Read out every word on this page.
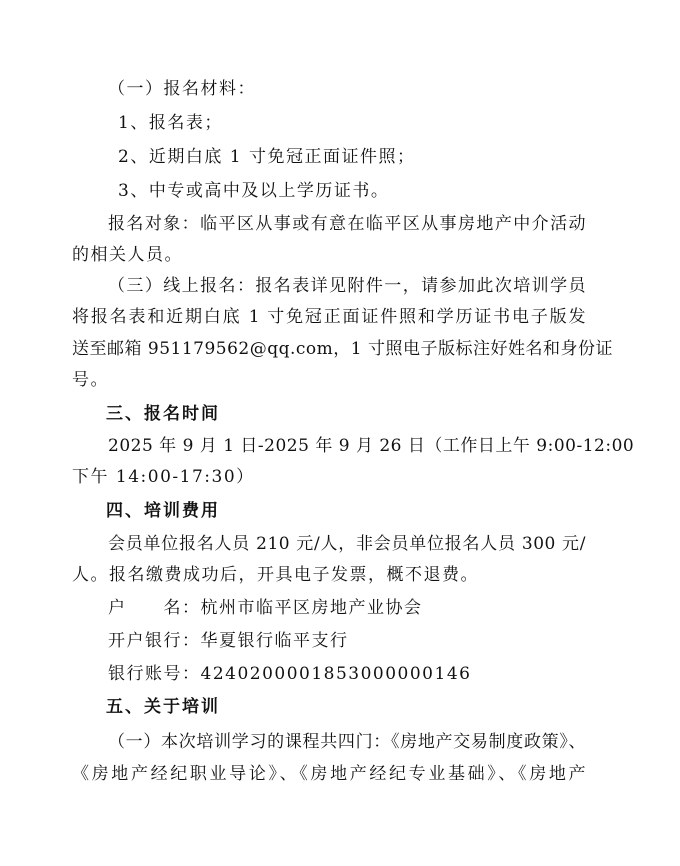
（一）报名材料：
1、报名表；
2、近期白底 1 寸免冠正面证件照；
3、中专或高中及以上学历证书。
报名对象：临平区从事或有意在临平区从事房地产中介活动
的相关人员。
（三）线上报名：报名表详见附件一，请参加此次培训学员
将报名表和近期白底 1 寸免冠正面证件照和学历证书电子版发
送至邮箱 951179562@qq.com，1 寸照电子版标注好姓名和身份证
号。
三、报名时间
2025 年 9 月 1 日-2025 年 9 月 26 日（工作日上午 9:00-12:00
下午 14:00-17:30）
四、培训费用
会员单位报名人员 210 元/人，非会员单位报名人员 300 元/
人。报名缴费成功后，开具电子发票，概不退费。
户　　名：杭州市临平区房地产业协会
开户银行：华夏银行临平支行
银行账号：424020000185300000014​6
五、关于培训
（一）本次培训学习的课程共四门：《房地产交易制度政策》、
《房地产经纪职业导论》、《房地产经纪专业基础》、《房地产
